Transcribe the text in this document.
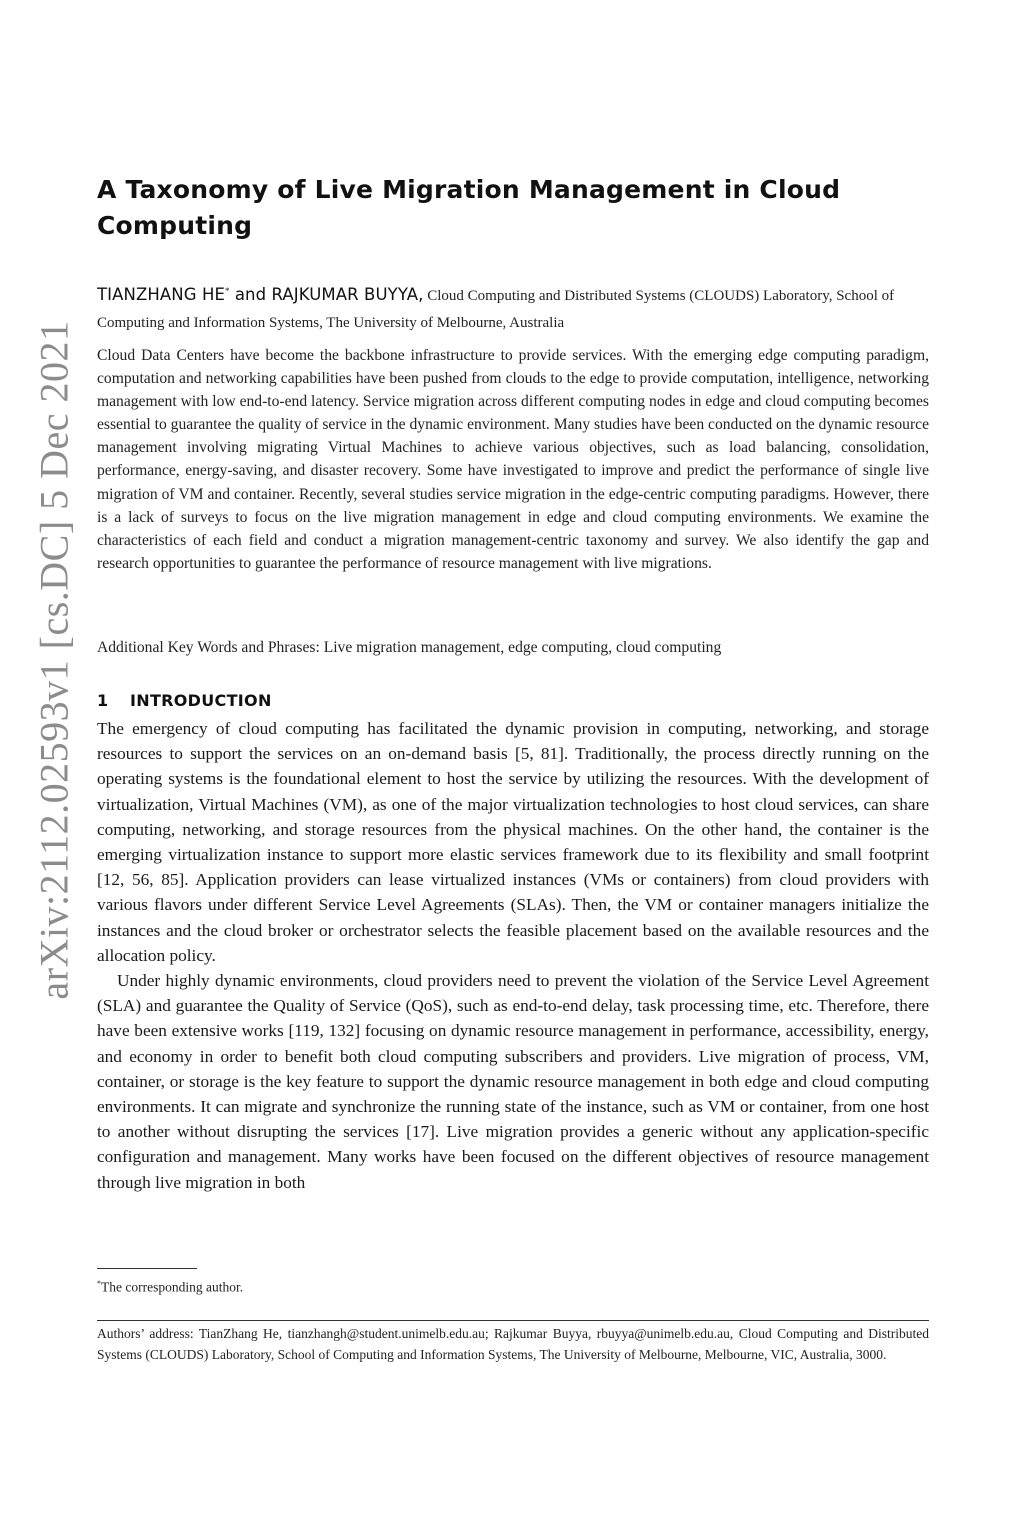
arXiv:2112.02593v1 [cs.DC] 5 Dec 2021
A Taxonomy of Live Migration Management in Cloud Computing

TIANZHANG HE* and RAJKUMAR BUYYA, Cloud Computing and Distributed Systems (CLOUDS) Laboratory, School of Computing and Information Systems, The University of Melbourne, Australia

Cloud Data Centers have become the backbone infrastructure to provide services. With the emerging edge computing paradigm, computation and networking capabilities have been pushed from clouds to the edge to provide computation, intelligence, networking management with low end-to-end latency. Service migration across different computing nodes in edge and cloud computing becomes essential to guarantee the quality of service in the dynamic environment. Many studies have been conducted on the dynamic resource management involving migrating Virtual Machines to achieve various objectives, such as load balancing, consolidation, performance, energy-saving, and disaster recovery. Some have investigated to improve and predict the performance of single live migration of VM and container. Recently, several studies service migration in the edge-centric computing paradigms. However, there is a lack of surveys to focus on the live migration management in edge and cloud computing environments. We examine the characteristics of each field and conduct a migration management-centric taxonomy and survey. We also identify the gap and research opportunities to guarantee the performance of resource management with live migrations.

Additional Key Words and Phrases: Live migration management, edge computing, cloud computing

1 INTRODUCTION

The emergency of cloud computing has facilitated the dynamic provision in computing, networking, and storage resources to support the services on an on-demand basis [5, 81]. Traditionally, the process directly running on the operating systems is the foundational element to host the service by utilizing the resources. With the development of virtualization, Virtual Machines (VM), as one of the major virtualization technologies to host cloud services, can share computing, networking, and storage resources from the physical machines. On the other hand, the container is the emerging virtualization instance to support more elastic services framework due to its flexibility and small footprint [12, 56, 85]. Application providers can lease virtualized instances (VMs or containers) from cloud providers with various flavors under different Service Level Agreements (SLAs). Then, the VM or container managers initialize the instances and the cloud broker or orchestrator selects the feasible placement based on the available resources and the allocation policy.

Under highly dynamic environments, cloud providers need to prevent the violation of the Service Level Agreement (SLA) and guarantee the Quality of Service (QoS), such as end-to-end delay, task processing time, etc. Therefore, there have been extensive works [119, 132] focusing on dynamic resource management in performance, accessibility, energy, and economy in order to benefit both cloud computing subscribers and providers. Live migration of process, VM, container, or storage is the key feature to support the dynamic resource management in both edge and cloud computing environments. It can migrate and synchronize the running state of the instance, such as VM or container, from one host to another without disrupting the services [17]. Live migration provides a generic without any application-specific configuration and management. Many works have been focused on the different objectives of resource management through live migration in both

*The corresponding author.

Authors’ address: TianZhang He, tianzhangh@student.unimelb.edu.au; Rajkumar Buyya, rbuyya@unimelb.edu.au, Cloud Computing and Distributed Systems (CLOUDS) Laboratory, School of Computing and Information Systems, The University of Melbourne, Melbourne, VIC, Australia, 3000.
